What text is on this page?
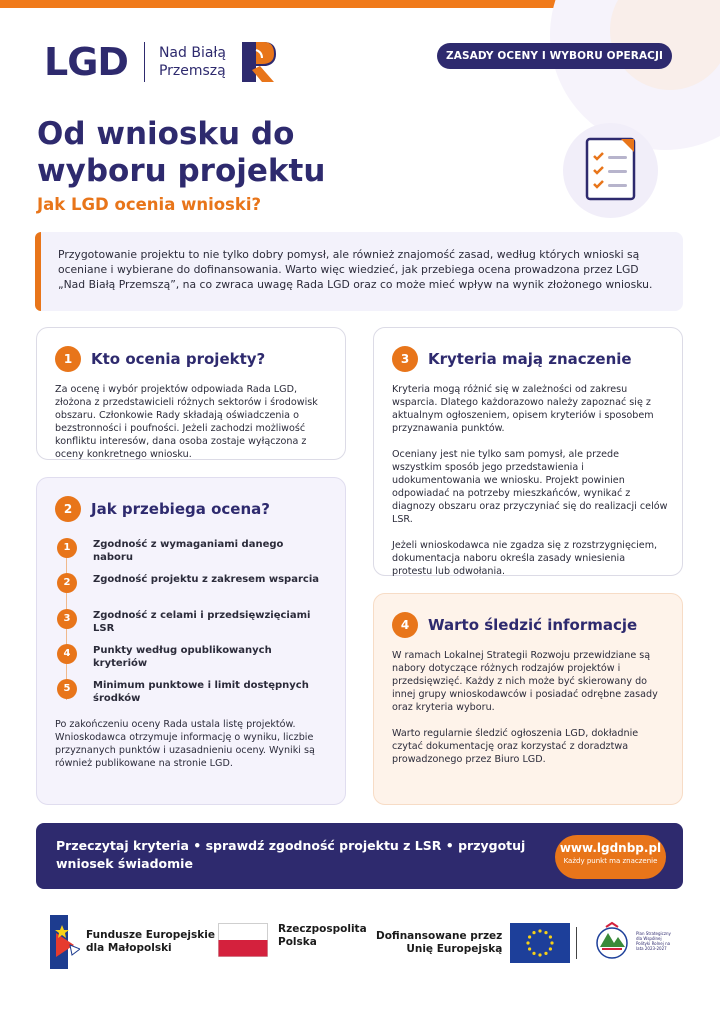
LGD Nad Białą
Przemszą
ZASADY OCENY I WYBORU OPERACJI
Od wniosku do
wyboru projektu
Jak LGD ocenia wnioski?

Przygotowanie projektu to nie tylko dobry pomysł, ale również znajomość zasad, według których wnioski są oceniane i wybierane do dofinansowania. Warto więc wiedzieć, jak przebiega ocena prowadzona przez LGD „Nad Białą Przemszą”, na co zwraca uwagę Rada LGD oraz co może mieć wpływ na wynik złożonego wniosku.

1	Kto ocenia projekty?

Za ocenę i wybór projektów odpowiada Rada LGD, złożona z przedstawicieli różnych sektorów i środowisk obszaru. Członkowie Rady składają oświadczenia o bezstronności i poufności. Jeżeli zachodzi możliwość konfliktu interesów, dana osoba zostaje wyłączona z oceny konkretnego wniosku.

2	Jak przebiega ocena?
1	Zgodność z wymaganiami danego naboru
2	Zgodność projektu z zakresem wsparcia
3	Zgodność z celami i przedsięwzięciami LSR
4	Punkty według opublikowanych kryteriów
5	Minimum punktowe i limit dostępnych środków

Po zakończeniu oceny Rada ustala listę projektów. Wnioskodawca otrzymuje informację o wyniku, liczbie przyznanych punktów i uzasadnieniu oceny. Wyniki są również publikowane na stronie LGD.

3	Kryteria mają znaczenie

Kryteria mogą różnić się w zależności od zakresu wsparcia. Dlatego każdorazowo należy zapoznać się z aktualnym ogłoszeniem, opisem kryteriów i sposobem przyznawania punktów.

Oceniany jest nie tylko sam pomysł, ale przede wszystkim sposób jego przedstawienia i udokumentowania we wniosku. Projekt powinien odpowiadać na potrzeby mieszkańców, wynikać z diagnozy obszaru oraz przyczyniać się do realizacji celów LSR.

Jeżeli wnioskodawca nie zgadza się z rozstrzygnięciem, dokumentacja naboru określa zasady wniesienia protestu lub odwołania.

4	Warto śledzić informacje

W ramach Lokalnej Strategii Rozwoju przewidziane są nabory dotyczące różnych rodzajów projektów i przedsięwzięć. Każdy z nich może być skierowany do innej grupy wnioskodawców i posiadać odrębne zasady oraz kryteria wyboru.

Warto regularnie śledzić ogłoszenia LGD, dokładnie czytać dokumentację oraz korzystać z doradztwa prowadzonego przez Biuro LGD.

Przeczytaj kryteria • sprawdź zgodność projektu z LSR • przygotuj wniosek świadomie
www.lgdnbp.pl
Każdy punkt ma znaczenie
Fundusze Europejskie
dla Małopolski
Rzeczpospolita
Polska	Dofinansowane przez
Unię Europejską
Plan Strategiczny dla Wspólnej Polityki Rolnej na lata 2023-2027
